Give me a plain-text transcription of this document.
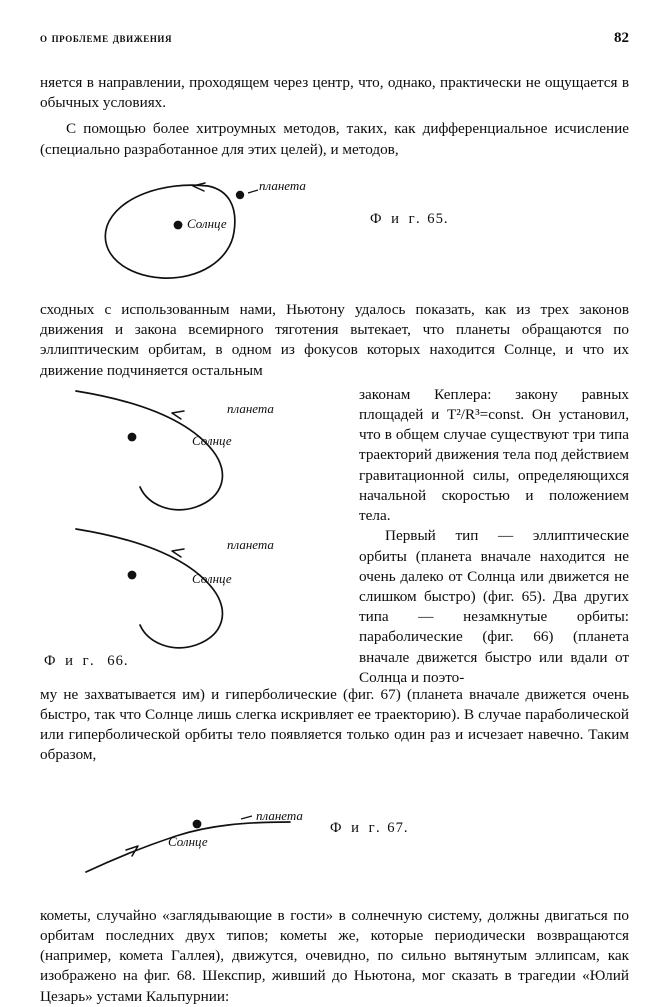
о проблеме движения	82

няется в направлении, проходящем через центр, что, однако, практически не ощущается в обычных условиях.

С помощью более хитроумных методов, таких, как дифференциальное исчисление (специально разработанное для этих целей), и методов,

планета
Солнце	Ф и г. 65.

сходных с использованным нами, Ньютону удалось показать, как из трех законов движения и закона всемирного тяготения вытекает, что планеты обращаются по эллиптическим орбитам, в одном из фокусов которых находится Солнце, и что их движение подчиняется остальным

планета
Солнце
планета
Солнце
Ф и г. 66.

законам Кеплера: закону равных площадей и T²/R³=const. Он установил, что в общем случае существуют три типа траекторий движения тела под действием гравитационной силы, определяющихся начальной скоростью и положением тела.

Первый тип — эллиптические орбиты (планета вначале находится не очень далеко от Солнца или движется не слишком быстро) (фиг. 65). Два других типа — незамкнутые орбиты: параболические (фиг. 66) (планета вначале движется быстро или вдали от Солнца и поэто-

му не захватывается им) и гиперболические (фиг. 67) (планета вначале движется очень быстро, так что Солнце лишь слегка искривляет ее траекторию). В случае параболической или гиперболической орбиты тело появляется только один раз и исчезает навечно. Таким образом,

планета
Солнце
Ф и г. 67.

кометы, случайно «заглядывающие в гости» в солнечную систему, должны двигаться по орбитам последних двух типов; кометы же, которые периодически возвращаются (например, комета Галлея), движутся, очевидно, по сильно вытянутым эллипсам, как изображено на фиг. 68. Шекспир, живший до Ньютона, мог сказать в трагедии «Юлий Цезарь» устами Кальпурнии:
